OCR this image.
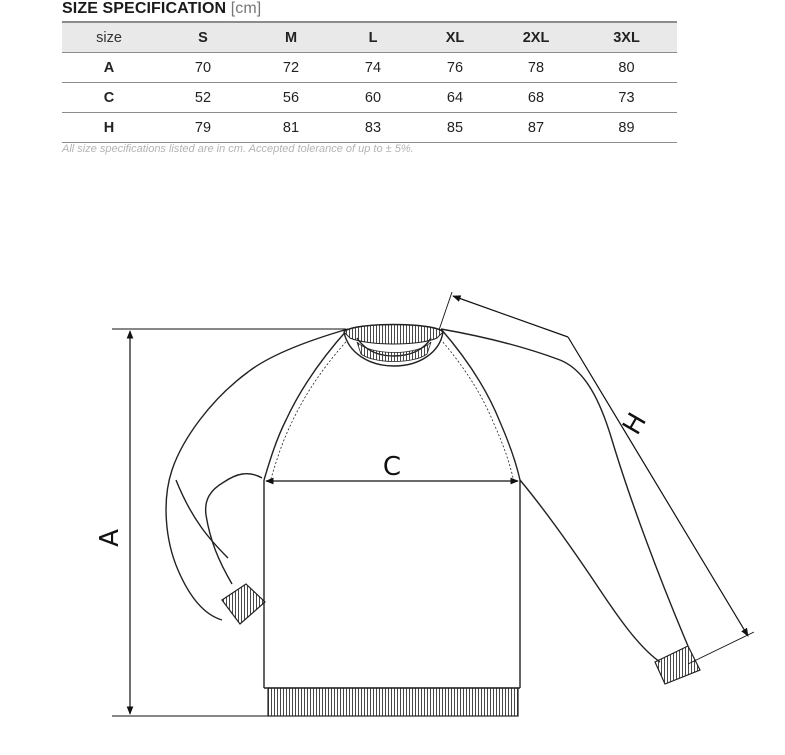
SIZE SPECIFICATION [cm]
size	S	M	L	XL	2XL	3XL
A	70	72	74	76	78	80
C	52	56	60	64	68	73
H	79	81	83	85	87	89
All size specifications listed are in cm. Accepted tolerance of up to ± 5%.
A
C
H
